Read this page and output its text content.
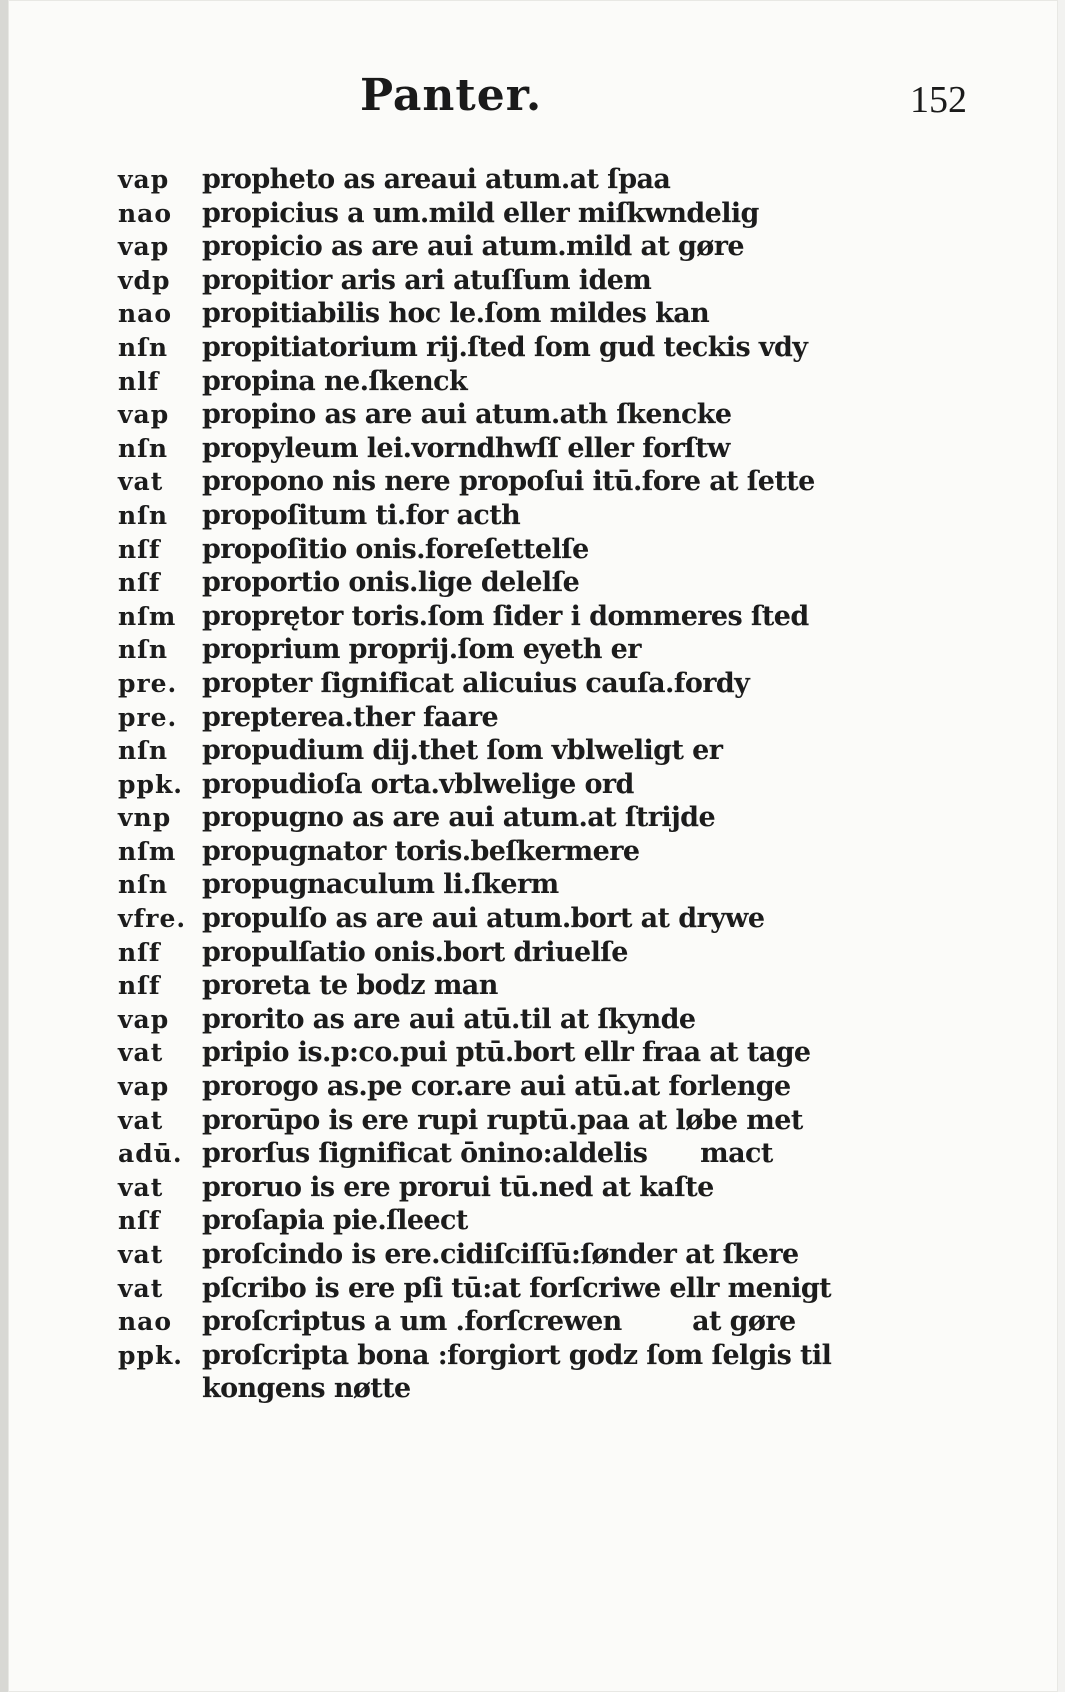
Panter.	152
vap	propheto as areaui atum.at ſpaa
nao	propicius a um.mild eller miſkwndelig
vap	propicio as are aui atum.mild at gøre
vdp	propitior aris ari atuſſum idem
nao	propitiabilis hoc le.ſom mildes kan
nſn	propitiatorium rij.ſted ſom gud teckis vdy
nlf	propina ne.ſkenck
vap	propino as are aui atum.ath ſkencke
nſn	propyleum lei.vorndhwſſ eller forſtw
vat	propono nis nere propoſui itū.fore at ſette
nſn	propoſitum ti.for acth
nſf	propoſitio onis.foreſettelſe
nſf	proportio onis.lige delelſe
nſm proprętor toris.ſom ſider i dommeres ſted
nſn	proprium proprij.ſom eyeth er
pre. propter ſignificat alicuius cauſa.fordy
pre. prepterea.ther faare
nſn	propudium dij.thet ſom vblweligt er
ppk. propudioſa orta.vblwelige ord
vnp	propugno as are aui atum.at ſtrijde
nſm propugnator toris.beſkermere
nſn	propugnaculum li.ſkerm
vfre. propulſo as are aui atum.bort at drywe
nſf	propulſatio onis.bort driuelſe
nſf	proreta te bodz man
vap	prorito as are aui atū.til at ſkynde
vat	pripio is.p:co.pui ptū.bort ellr fraa at tage
vap	prorogo as.pe cor.are aui atū.at forlenge
vat	prorūpo is ere rupi ruptū.paa at løbe met
adū. prorſus ſignificat ōnino:aldelis      mact
vat	proruo is ere prorui tū.ned at kaſte
nſf	proſapia pie.ſleect
vat	proſcindo is ere.cidiſciſſū:ſønder at ſkere
vat	pſcribo is ere pſi tū:at forſcriwe ellr menigt
nao	proſcriptus a um .forſcrewen        at gøre
ppk. proſcripta bona :forgiort godz ſom ſelgis til
kongens nøtte
